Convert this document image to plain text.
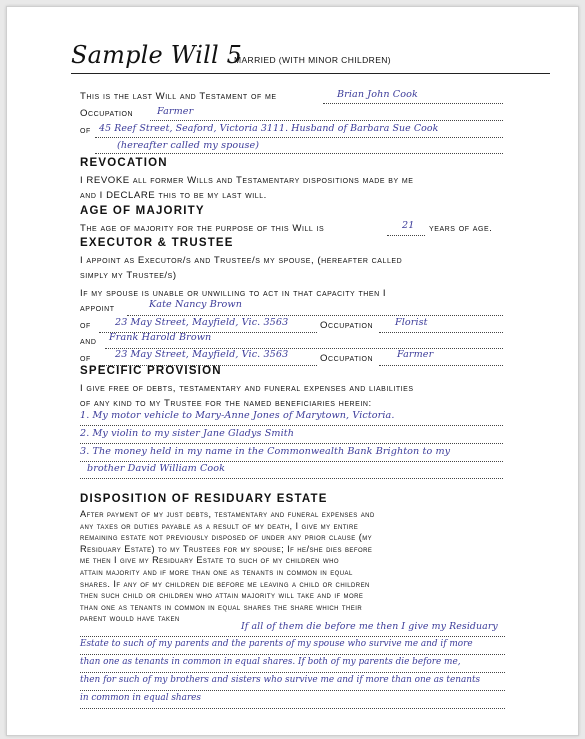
Sample Will 5
MARRIED (WITH MINOR CHILDREN)
This is the last Will and Testament of me	Brian John Cook
Occupation Farmer
of 45 Reef Street, Seaford, Victoria 3111. Husband of Barbara Sue Cook
(hereafter called my spouse)
REVOCATION
I REVOKE all former Wills and Testamentary dispositions made by me
and I DECLARE this to be my last will.
AGE OF MAJORITY
The age of majority for the purpose of this Will is	21 years of age.
EXECUTOR & TRUSTEE
I appoint as Executor/s and Trustee/s my spouse, (hereafter called
simply my Trustee/s)
If my spouse is unable or unwilling to act in that capacity then I
appoint	Kate Nancy Brown
of	23 May Street, Mayfield, Vic. 3563	Occupation Florist
and Frank Harold Brown
of	23 May Street, Mayfield, Vic. 3563	Occupation Farmer
SPECIFIC PROVISION
I give free of debts, testamentary and funeral expenses and liabilities
of any kind to my Trustee for the named beneficiaries herein:
1. My motor vehicle to Mary-Anne Jones of Marytown, Victoria.
2. My violin to my sister Jane Gladys Smith
3. The money held in my name in the Commonwealth Bank Brighton to my
brother David William Cook
DISPOSITION OF RESIDUARY ESTATE
After payment of my just debts, testamentary and funeral expenses and
any taxes or duties payable as a result of my death, I give my entire
remaining estate not previously disposed of under any prior clause (my
Residuary Estate) to my Trustees for my spouse; If he/she dies before
me then I give my Residuary Estate to such of my children who
attain majority and if more than one as tenants in common in equal
shares. If any of my children die before me leaving a child or children
then such child or children who attain majority will take and if more
than one as tenants in common in equal shares the share which their
parent would have taken
If all of them die before me then I give my Residuary
Estate to such of my parents and the parents of my spouse who survive me and if more
than one as tenants in common in equal shares. If both of my parents die before me,
then for such of my brothers and sisters who survive me and if more than one as tenants
in common in equal shares
